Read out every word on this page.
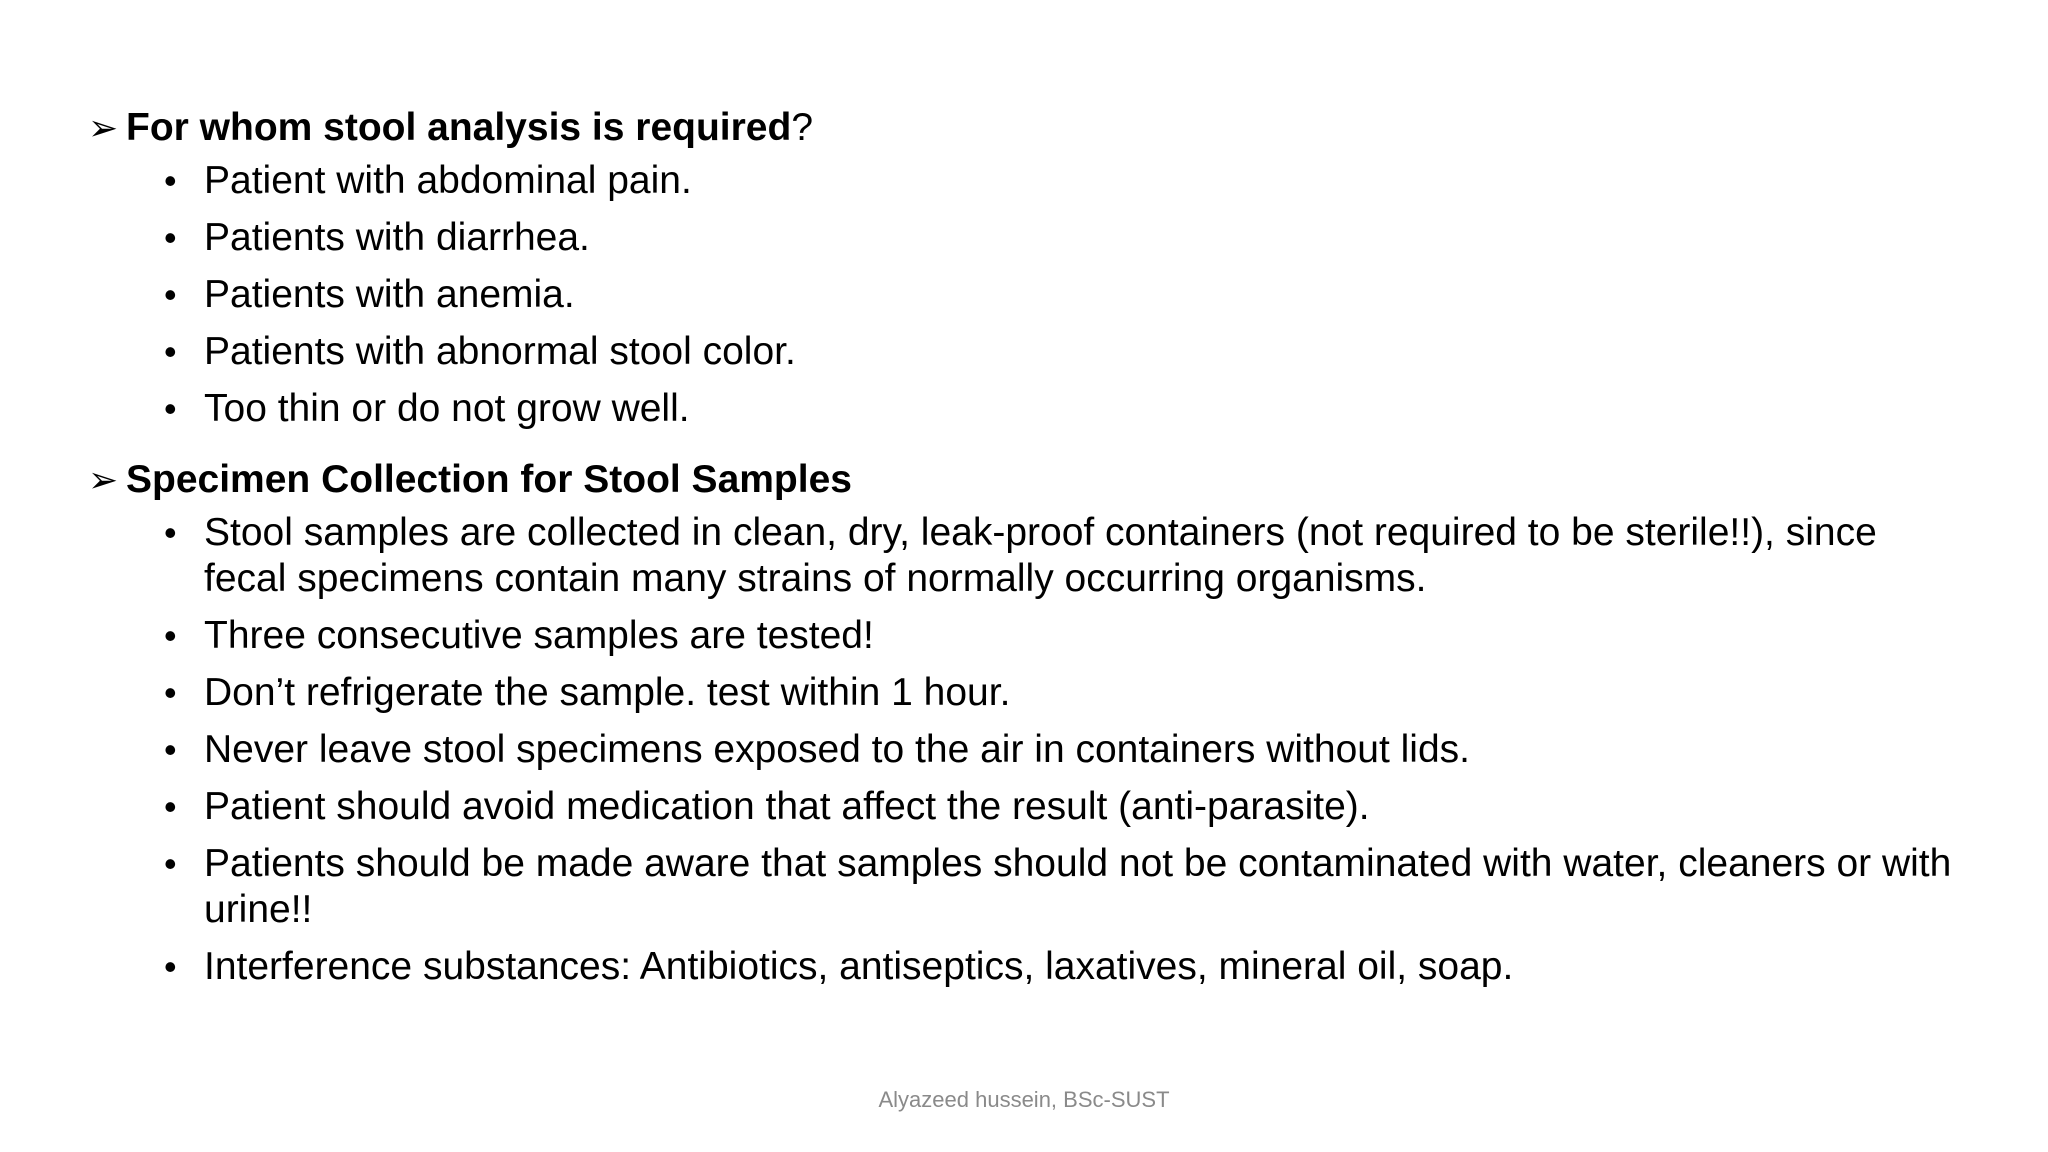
➢ For whom stool analysis is required ?
• Patient with abdominal pain.
• Patients with diarrhea.
• Patients with anemia.
• Patients with abnormal stool color.
• Too thin or do not grow well.
➢ Specimen Collection for Stool Samples
• Stool samples are collected in clean, dry, leak-proof containers (not required to be sterile!!), since fecal specimens contain many strains of normally occurring organisms.
• Three consecutive samples are tested!
• Don’t refrigerate the sample. test within 1 hour.
• Never leave stool specimens exposed to the air in containers without lids.
• Patient should avoid medication that affect the result (anti-parasite).
• Patients should be made aware that samples should not be contaminated with water, cleaners or with urine!!
• Interference substances: Antibiotics, antiseptics, laxatives, mineral oil, soap.
Alyazeed hussein, BSc-SUST
